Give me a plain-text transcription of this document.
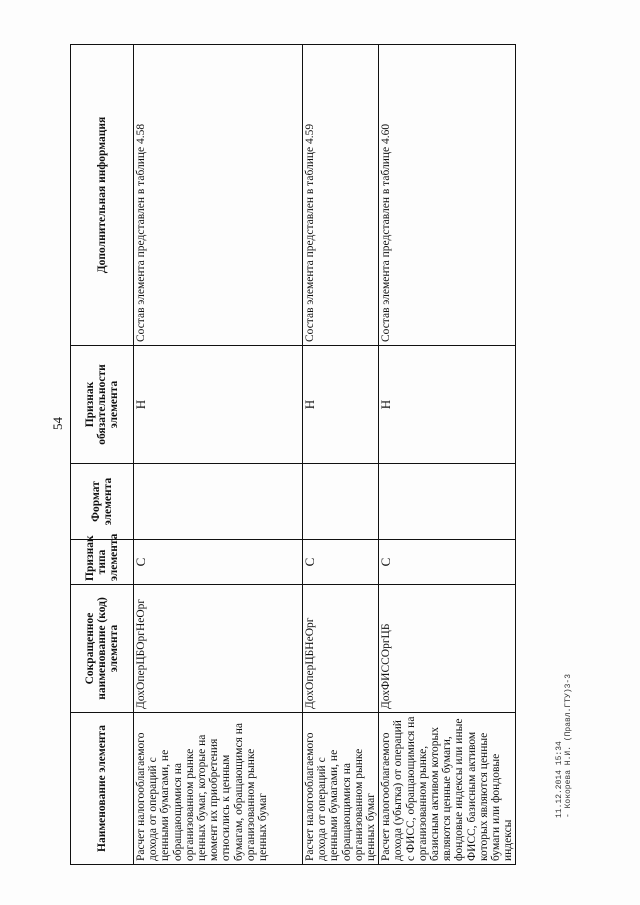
54
Наименование элемента	Сокращенное наименование (код) элемента	Признак типа элемента	Формат элемента	Признак обязательности элемента	Дополнительная информация
Расчет налогооблагаемого дохода от операций с ценными бумагами, не обращающимися на организованном рынке ценных бумаг, которые на момент их приобретения относились к ценным бумагам, обращающимся на организованном рынке ценных бумаг	ДохОперЦБОргНеОрг	С		Н	Состав элемента представлен в таблице 4.58
Расчет налогооблагаемого дохода от операций с ценными бумагами, не обращающимися на организованном рынке ценных бумаг	ДохОперЦБНеОрг	С		Н	Состав элемента представлен в таблице 4.59
Расчет налогооблагаемого дохода (убытка) от операций с ФИСС, обращающимися на организованном рынке, базисным активом которых являются ценные бумаги, фондовые индексы или иные ФИСС, базисным активом которых являются ценные бумаги или фондовые индексы	ДохФИССОргЦБ	С		Н	Состав элемента представлен в таблице 4.60
11.12.2014 15:34 - Кокорева Н.И. (Правл.ГТУ)3-3
